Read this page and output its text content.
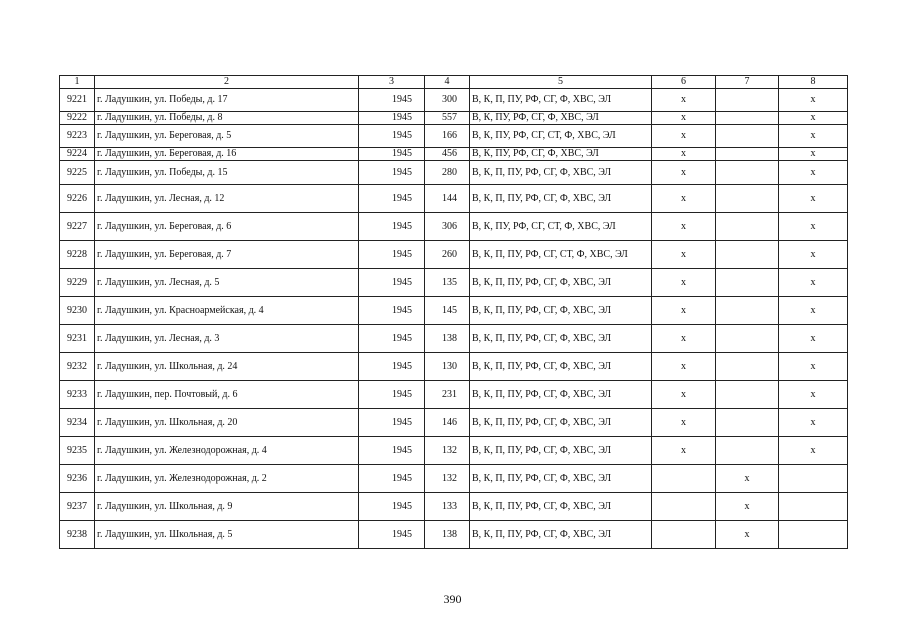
1	2	3	4	5	6	7	8
9221	г. Ладушкин, ул. Победы, д. 17	1945	300	В, К, П, ПУ, РФ, СГ, Ф, ХВС, ЭЛ	x		x
9222	г. Ладушкин, ул. Победы, д. 8	1945	557	В, К, ПУ, РФ, СГ, Ф, ХВС, ЭЛ	x		x
9223	г. Ладушкин, ул. Береговая, д. 5	1945	166	В, К, ПУ, РФ, СГ, СТ, Ф, ХВС, ЭЛ	x		x
9224	г. Ладушкин, ул. Береговая, д. 16	1945	456	В, К, ПУ, РФ, СГ, Ф, ХВС, ЭЛ	x		x
9225	г. Ладушкин, ул. Победы, д. 15	1945	280	В, К, П, ПУ, РФ, СГ, Ф, ХВС, ЭЛ	x		x
9226	г. Ладушкин, ул. Лесная, д. 12	1945	144	В, К, П, ПУ, РФ, СГ, Ф, ХВС, ЭЛ	x		x
9227	г. Ладушкин, ул. Береговая, д. 6	1945	306	В, К, ПУ, РФ, СГ, СТ, Ф, ХВС, ЭЛ	x		x
9228	г. Ладушкин, ул. Береговая, д. 7	1945	260	В, К, П, ПУ, РФ, СГ, СТ, Ф, ХВС, ЭЛ	x		x
9229	г. Ладушкин, ул. Лесная, д. 5	1945	135	В, К, П, ПУ, РФ, СГ, Ф, ХВС, ЭЛ	x		x
9230	г. Ладушкин, ул. Красноармейская, д. 4	1945	145	В, К, П, ПУ, РФ, СГ, Ф, ХВС, ЭЛ	x		x
9231	г. Ладушкин, ул. Лесная, д. 3	1945	138	В, К, П, ПУ, РФ, СГ, Ф, ХВС, ЭЛ	x		x
9232	г. Ладушкин, ул. Школьная, д. 24	1945	130	В, К, П, ПУ, РФ, СГ, Ф, ХВС, ЭЛ	x		x
9233	г. Ладушкин, пер. Почтовый, д. 6	1945	231	В, К, П, ПУ, РФ, СГ, Ф, ХВС, ЭЛ	x		x
9234	г. Ладушкин, ул. Школьная, д. 20	1945	146	В, К, П, ПУ, РФ, СГ, Ф, ХВС, ЭЛ	x		x
9235	г. Ладушкин, ул. Железнодорожная, д. 4	1945	132	В, К, П, ПУ, РФ, СГ, Ф, ХВС, ЭЛ	x		x
9236	г. Ладушкин, ул. Железнодорожная, д. 2	1945	132	В, К, П, ПУ, РФ, СГ, Ф, ХВС, ЭЛ		x	
9237	г. Ладушкин, ул. Школьная, д. 9	1945	133	В, К, П, ПУ, РФ, СГ, Ф, ХВС, ЭЛ		x	
9238	г. Ладушкин, ул. Школьная, д. 5	1945	138	В, К, П, ПУ, РФ, СГ, Ф, ХВС, ЭЛ		x	
390
